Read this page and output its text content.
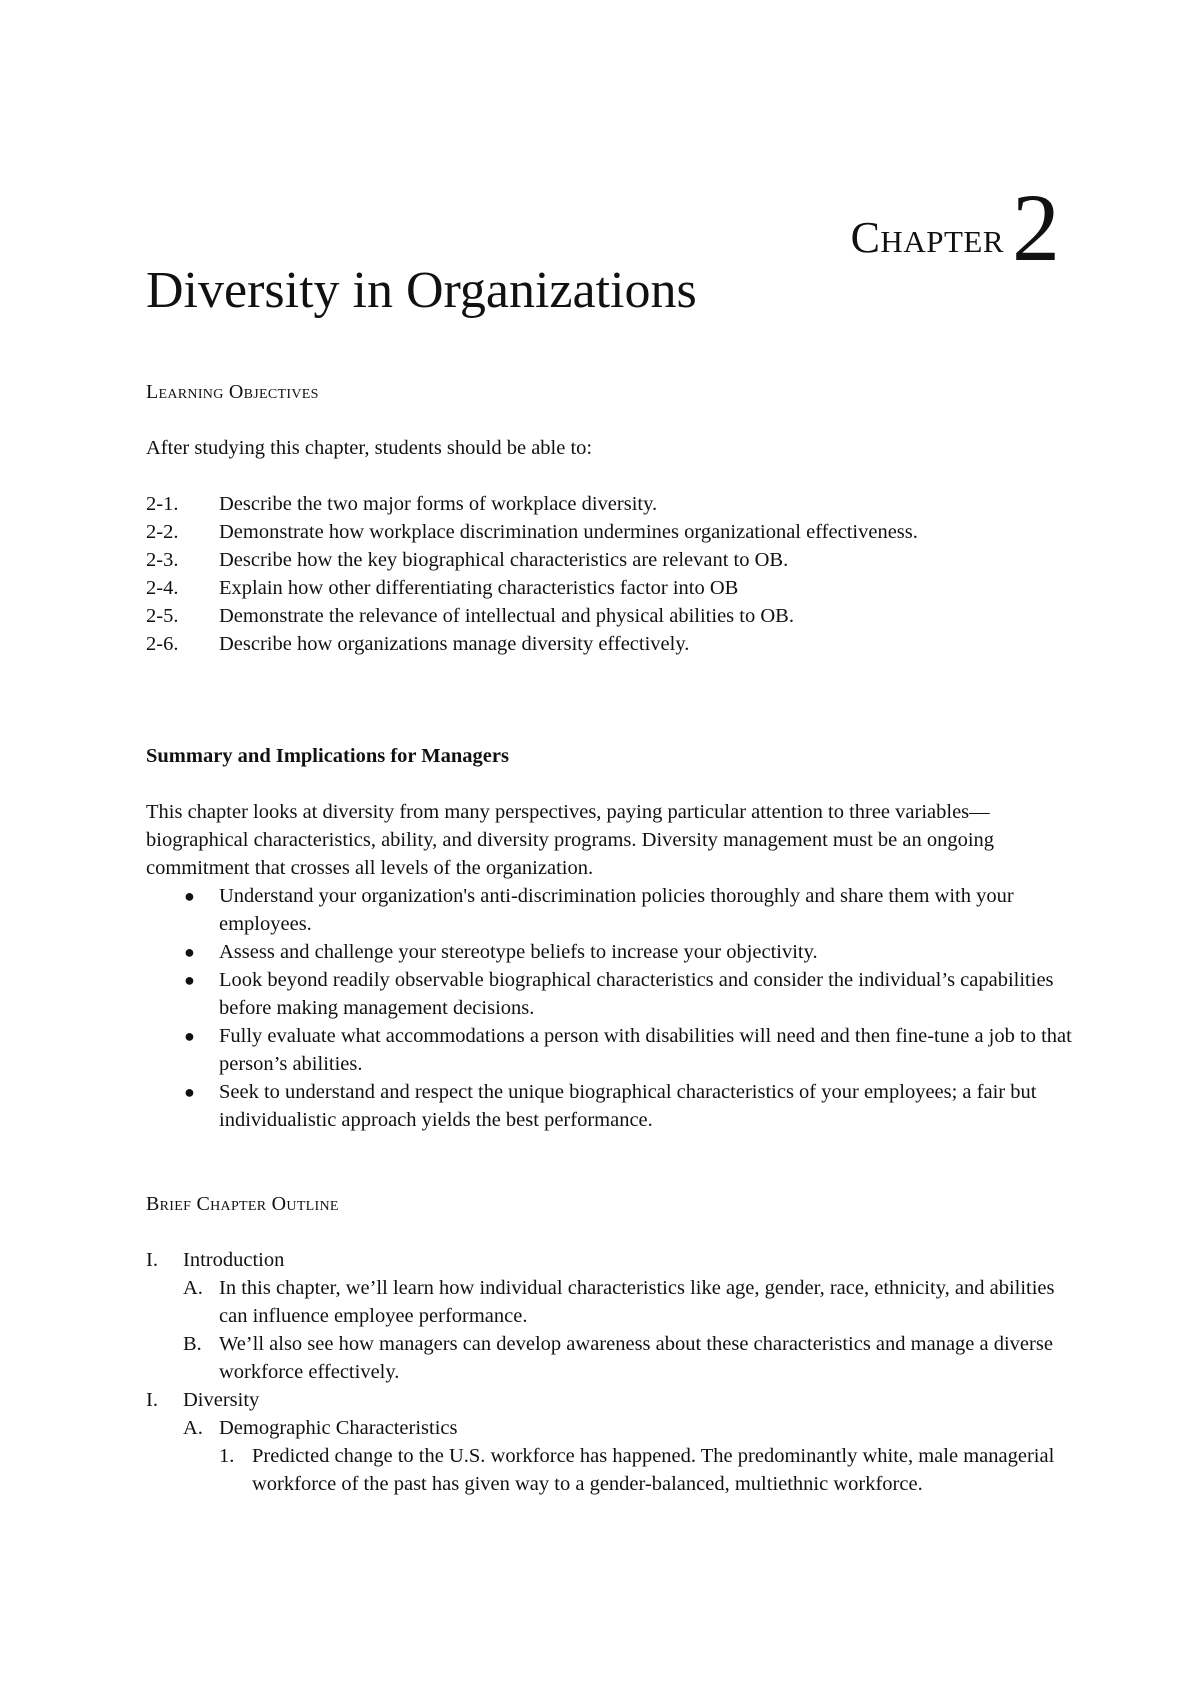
Chapter2
Diversity in Organizations

Learning Objectives

After studying this chapter, students should be able to:

2-1.	Describe the two major forms of workplace diversity.
2-2.	Demonstrate how workplace discrimination undermines organizational effectiveness.
2-3.	Describe how the key biographical characteristics are relevant to OB.
2-4.	Explain how other differentiating characteristics factor into OB
2-5.	Demonstrate the relevance of intellectual and physical abilities to OB.
2-6.	Describe how organizations manage diversity effectively.

Summary and Implications for Managers

This chapter looks at diversity from many perspectives, paying particular attention to three variables—biographical characteristics, ability, and diversity programs. Diversity management must be an ongoing commitment that crosses all levels of the organization.

● Understand your organization's anti-discrimination policies thoroughly and share them with your employees.
● Assess and challenge your stereotype beliefs to increase your objectivity.
● Look beyond readily observable biographical characteristics and consider the individual’s capabilities before making management decisions.
● Fully evaluate what accommodations a person with disabilities will need and then fine-tune a job to that person’s abilities.
● Seek to understand and respect the unique biographical characteristics of your employees; a fair but individualistic approach yields the best performance.

Brief Chapter Outline

I.	Introduction
A. In this chapter, we’ll learn how individual characteristics like age, gender, race, ethnicity, and abilities can influence employee performance.
B. We’ll also see how managers can develop awareness about these characteristics and manage a diverse workforce effectively.
I.	Diversity
A. Demographic Characteristics
1. Predicted change to the U.S. workforce has happened. The predominantly white, male managerial workforce of the past has given way to a gender-balanced, multiethnic workforce.
